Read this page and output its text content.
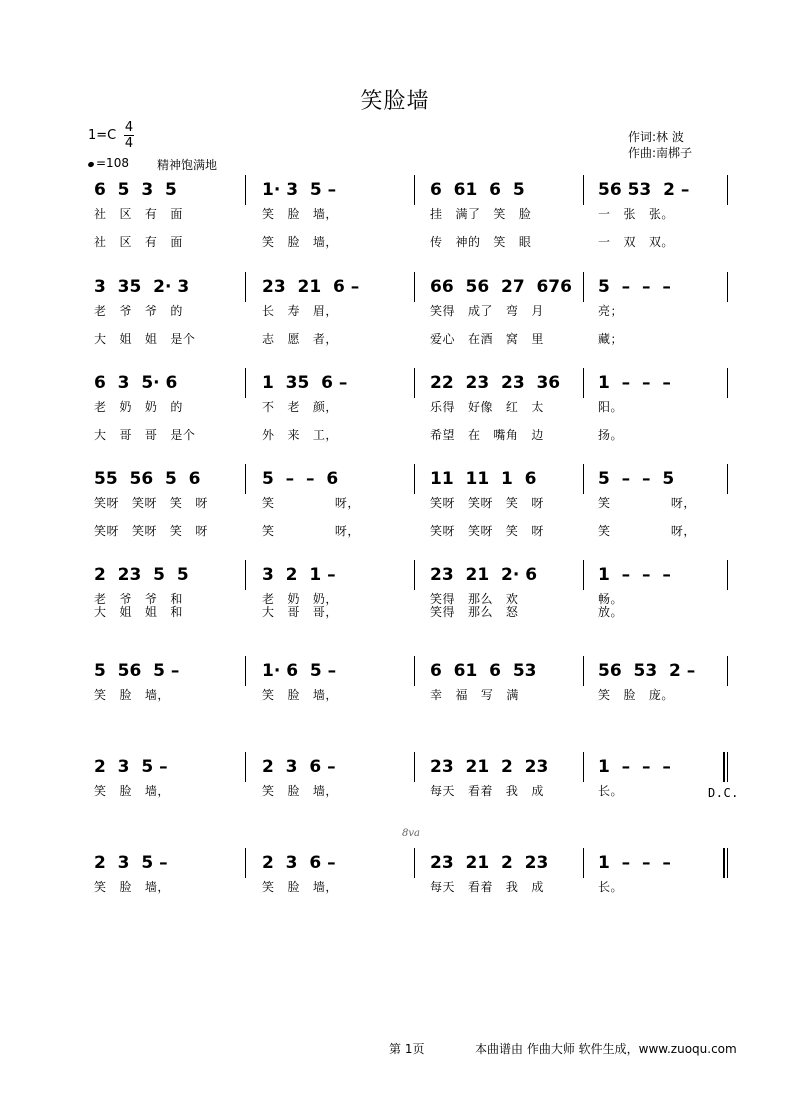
笑脸墙
1=C
4
4
=108 精神饱满地
作词:林 波
作曲:南梆子
6  5  3  5	1· 3  5 –	6  61  6  5	56 53  2 –
社   区   有   面	笑   脸   墙，	挂   满了   笑   脸	一   张   张。
社   区   有   面	笑   脸   墙，	传   神的   笑   眼	一   双   双。
3  35  2· 3	23  21  6 –	66  56  27  676 5  –  –  –
老   爷   爷   的	长   寿   眉，	笑得   成了   弯   月	亮；
大   姐   姐   是个	志   愿   者，	爱心   在酒   窝   里	藏；
6  3  5· 6	1  35  6 –	22  23  23  36 1  –  –  –
老   奶   奶   的	不   老   颜，	乐得   好像   红   太	阳。
大   哥   哥   是个	外   来   工，	希望   在   嘴角   边	扬。
55  56  5  6	5  –  –  6	11  11  1  6	5  –  –  5
笑呀   笑呀   笑   呀	笑              呀，	笑呀   笑呀   笑   呀	笑              呀，
笑呀   笑呀   笑   呀	笑              呀，	笑呀   笑呀   笑   呀	笑              呀，
2  23  5  5	3  2  1 –	23  21  2· 6	1  –  –  –
老   爷   爷   和	老   奶   奶，	笑得   那么   欢	畅。
大   姐   姐   和	大   哥   哥，	笑得   那么   怒	放。
5  56  5 –	1· 6  5 –	6  61  6  53	56  53  2 –
笑   脸   墙，	笑   脸   墙，	幸   福   写   满	笑   脸   庞。
2  3  5 –	2  3  6 –	23  21  2  23	1  –  –  –
笑   脸   墙，	笑   脸   墙，	每天   看着   我   成	长。	D.C.
2  3  5 –	2  3  6 –	23  21  2  23	1  –  –  –
笑   脸   墙，	笑   脸   墙，	每天   看着   我   成	长。
8va
第 1页	本曲谱由 作曲大师 软件生成，www.zuoqu.com
